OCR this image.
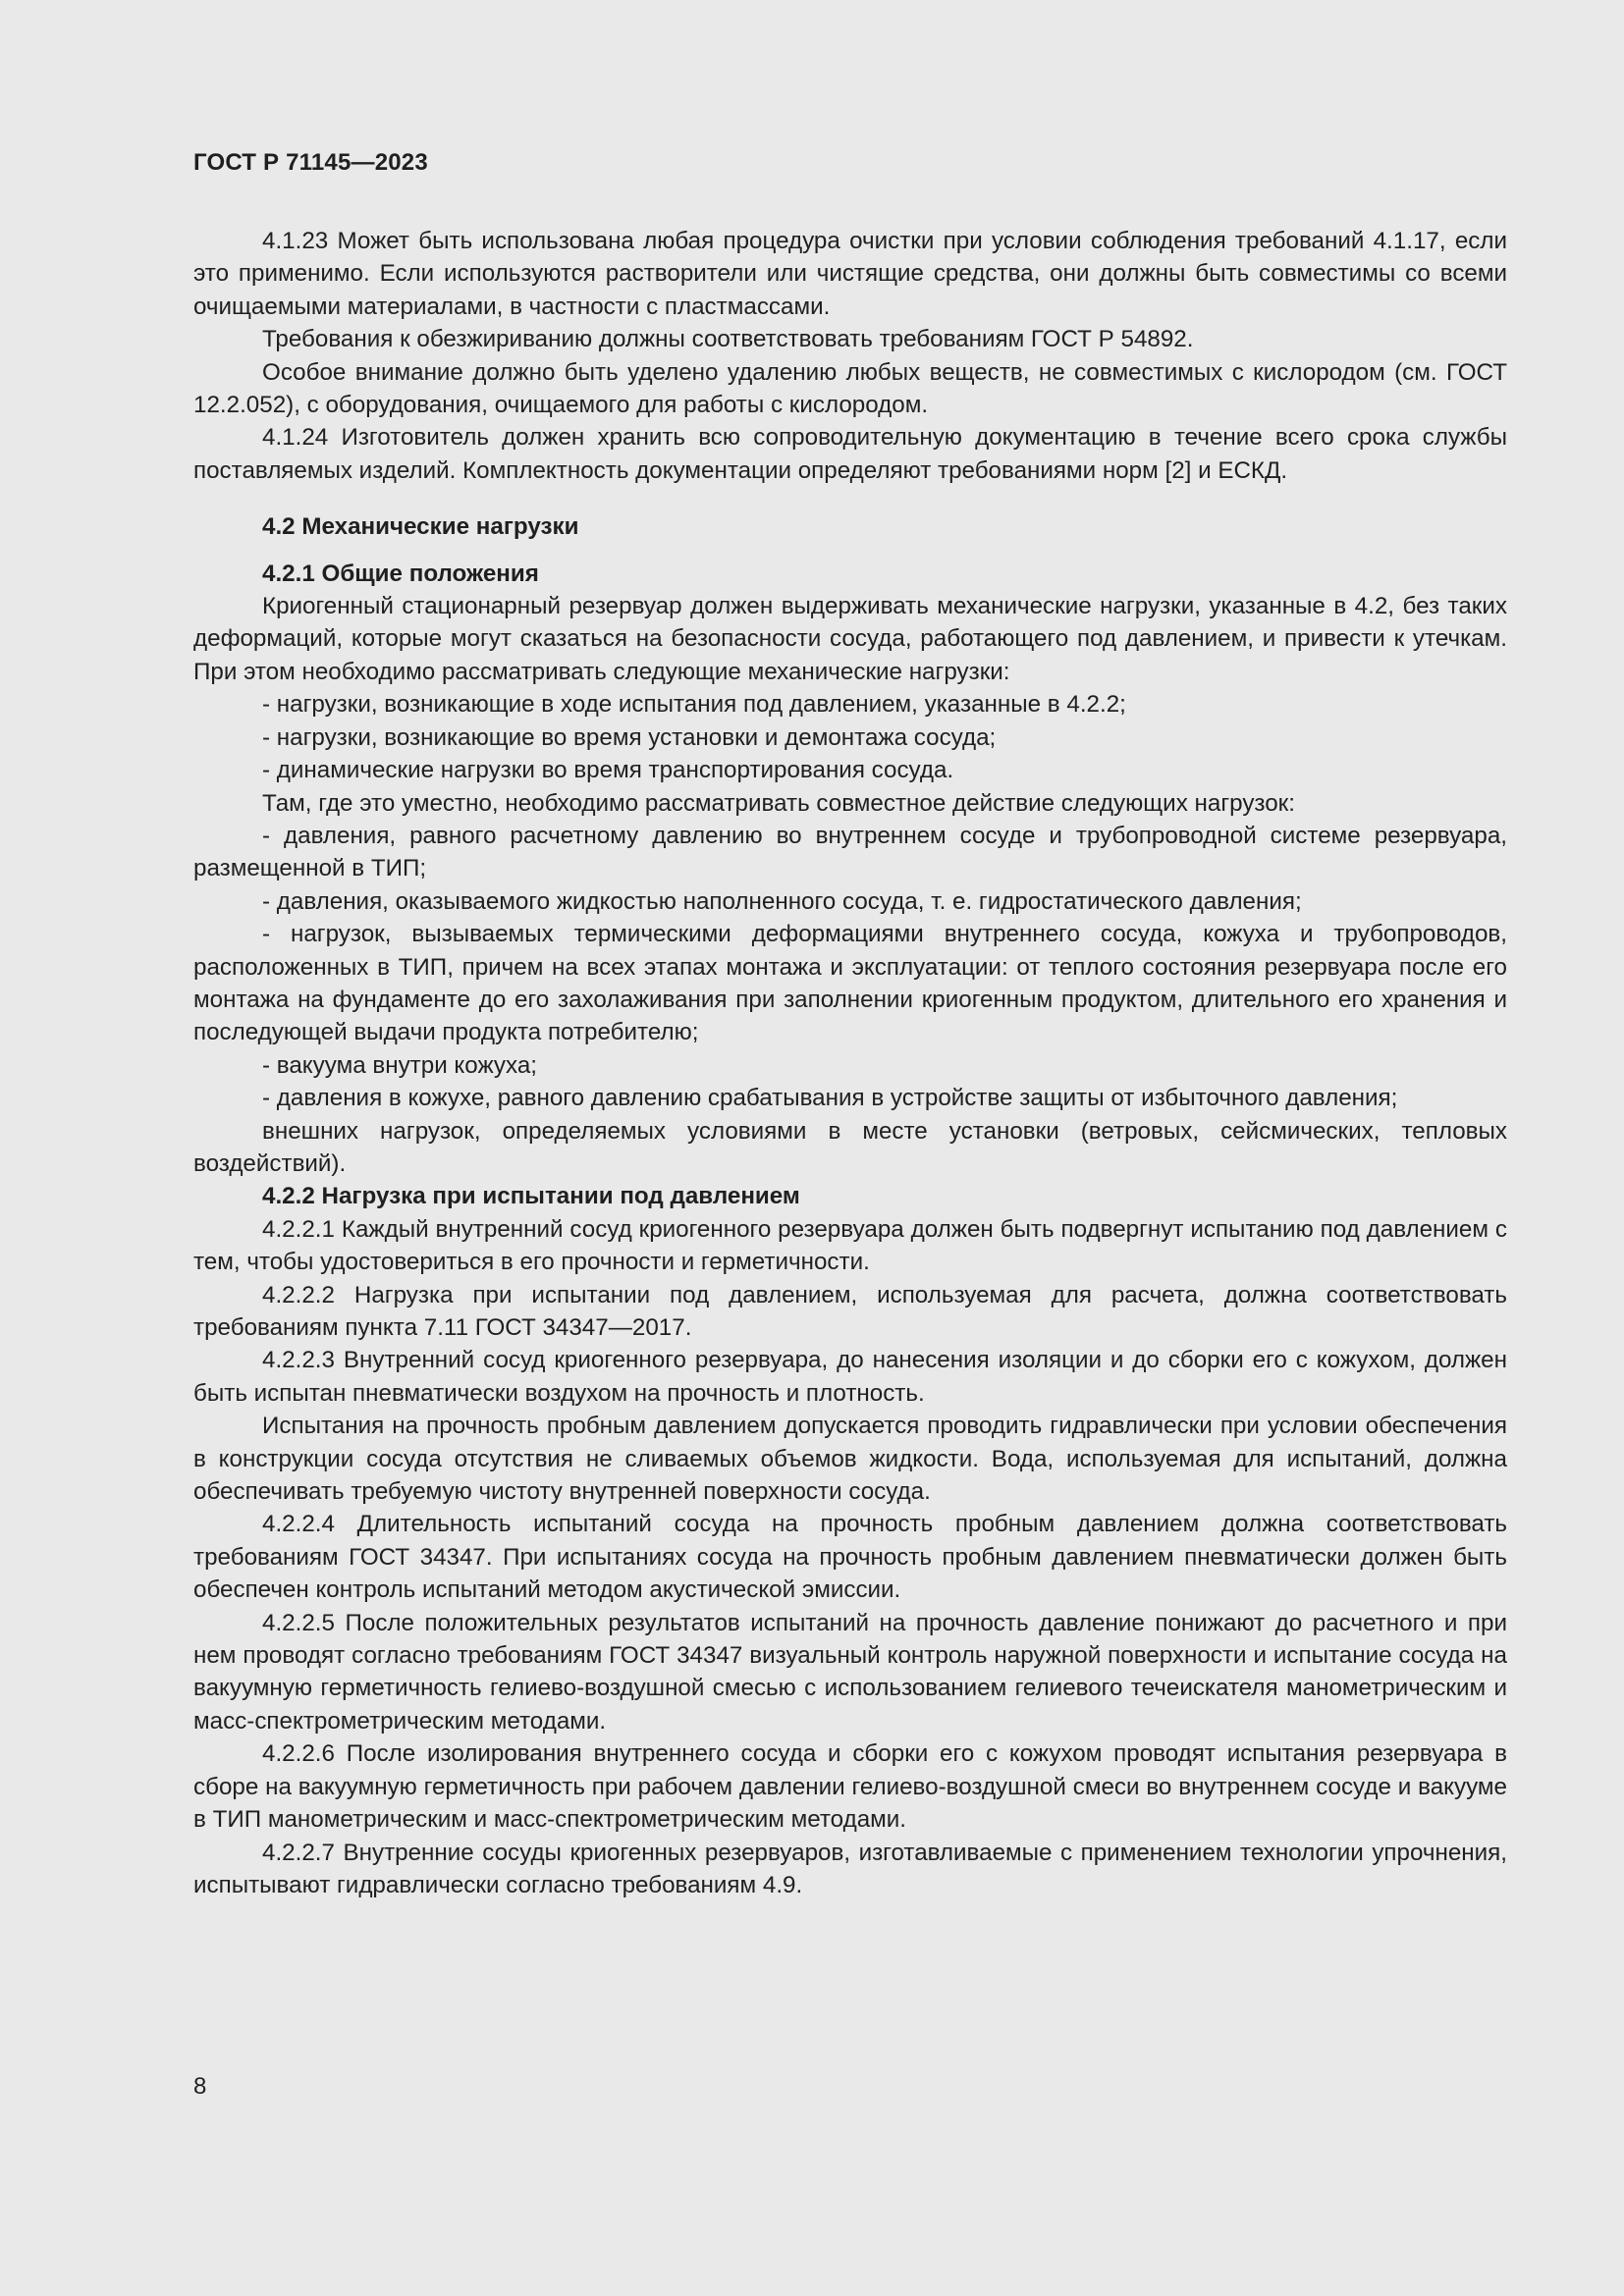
ГОСТ Р 71145—2023

4.1.23 Может быть использована любая процедура очистки при условии соблюдения требований 4.1.17, если это применимо. Если используются растворители или чистящие средства, они должны быть совместимы со всеми очищаемыми материалами, в частности с пластмассами.

Требования к обезжириванию должны соответствовать требованиям ГОСТ Р 54892.

Особое внимание должно быть уделено удалению любых веществ, не совместимых с кислородом (см. ГОСТ 12.2.052), с оборудования, очищаемого для работы с кислородом.

4.1.24 Изготовитель должен хранить всю сопроводительную документацию в течение всего срока службы поставляемых изделий. Комплектность документации определяют требованиями норм [2] и ЕСКД.

4.2 Механические нагрузки

4.2.1 Общие положения

Криогенный стационарный резервуар должен выдерживать механические нагрузки, указанные в 4.2, без таких деформаций, которые могут сказаться на безопасности сосуда, работающего под давлением, и привести к утечкам. При этом необходимо рассматривать следующие механические нагрузки:

- нагрузки, возникающие в ходе испытания под давлением, указанные в 4.2.2;

- нагрузки, возникающие во время установки и демонтажа сосуда;

- динамические нагрузки во время транспортирования сосуда.

Там, где это уместно, необходимо рассматривать совместное действие следующих нагрузок:

- давления, равного расчетному давлению во внутреннем сосуде и трубопроводной системе резервуара, размещенной в ТИП;

- давления, оказываемого жидкостью наполненного сосуда, т. е. гидростатического давления;

- нагрузок, вызываемых термическими деформациями внутреннего сосуда, кожуха и трубопроводов, расположенных в ТИП, причем на всех этапах монтажа и эксплуатации: от теплого состояния резервуара после его монтажа на фундаменте до его захолаживания при заполнении криогенным продуктом, длительного его хранения и последующей выдачи продукта потребителю;

- вакуума внутри кожуха;

- давления в кожухе, равного давлению срабатывания в устройстве защиты от избыточного давления;

внешних нагрузок, определяемых условиями в месте установки (ветровых, сейсмических, тепловых воздействий).

4.2.2 Нагрузка при испытании под давлением

4.2.2.1 Каждый внутренний сосуд криогенного резервуара должен быть подвергнут испытанию под давлением с тем, чтобы удостовериться в его прочности и герметичности.

4.2.2.2 Нагрузка при испытании под давлением, используемая для расчета, должна соответствовать требованиям пункта 7.11 ГОСТ 34347—2017.

4.2.2.3 Внутренний сосуд криогенного резервуара, до нанесения изоляции и до сборки его с кожухом, должен быть испытан пневматически воздухом на прочность и плотность.

Испытания на прочность пробным давлением допускается проводить гидравлически при условии обеспечения в конструкции сосуда отсутствия не сливаемых объемов жидкости. Вода, используемая для испытаний, должна обеспечивать требуемую чистоту внутренней поверхности сосуда.

4.2.2.4 Длительность испытаний сосуда на прочность пробным давлением должна соответствовать требованиям ГОСТ 34347. При испытаниях сосуда на прочность пробным давлением пневматически должен быть обеспечен контроль испытаний методом акустической эмиссии.

4.2.2.5 После положительных результатов испытаний на прочность давление понижают до расчетного и при нем проводят согласно требованиям ГОСТ 34347 визуальный контроль наружной поверхности и испытание сосуда на вакуумную герметичность гелиево-воздушной смесью с использованием гелиевого течеискателя манометрическим и масс-спектрометрическим методами.

4.2.2.6 После изолирования внутреннего сосуда и сборки его с кожухом проводят испытания резервуара в сборе на вакуумную герметичность при рабочем давлении гелиево-воздушной смеси во внутреннем сосуде и вакууме в ТИП манометрическим и масс-спектрометрическим методами.

4.2.2.7 Внутренние сосуды криогенных резервуаров, изготавливаемые с применением технологии упрочнения, испытывают гидравлически согласно требованиям 4.9.

8
